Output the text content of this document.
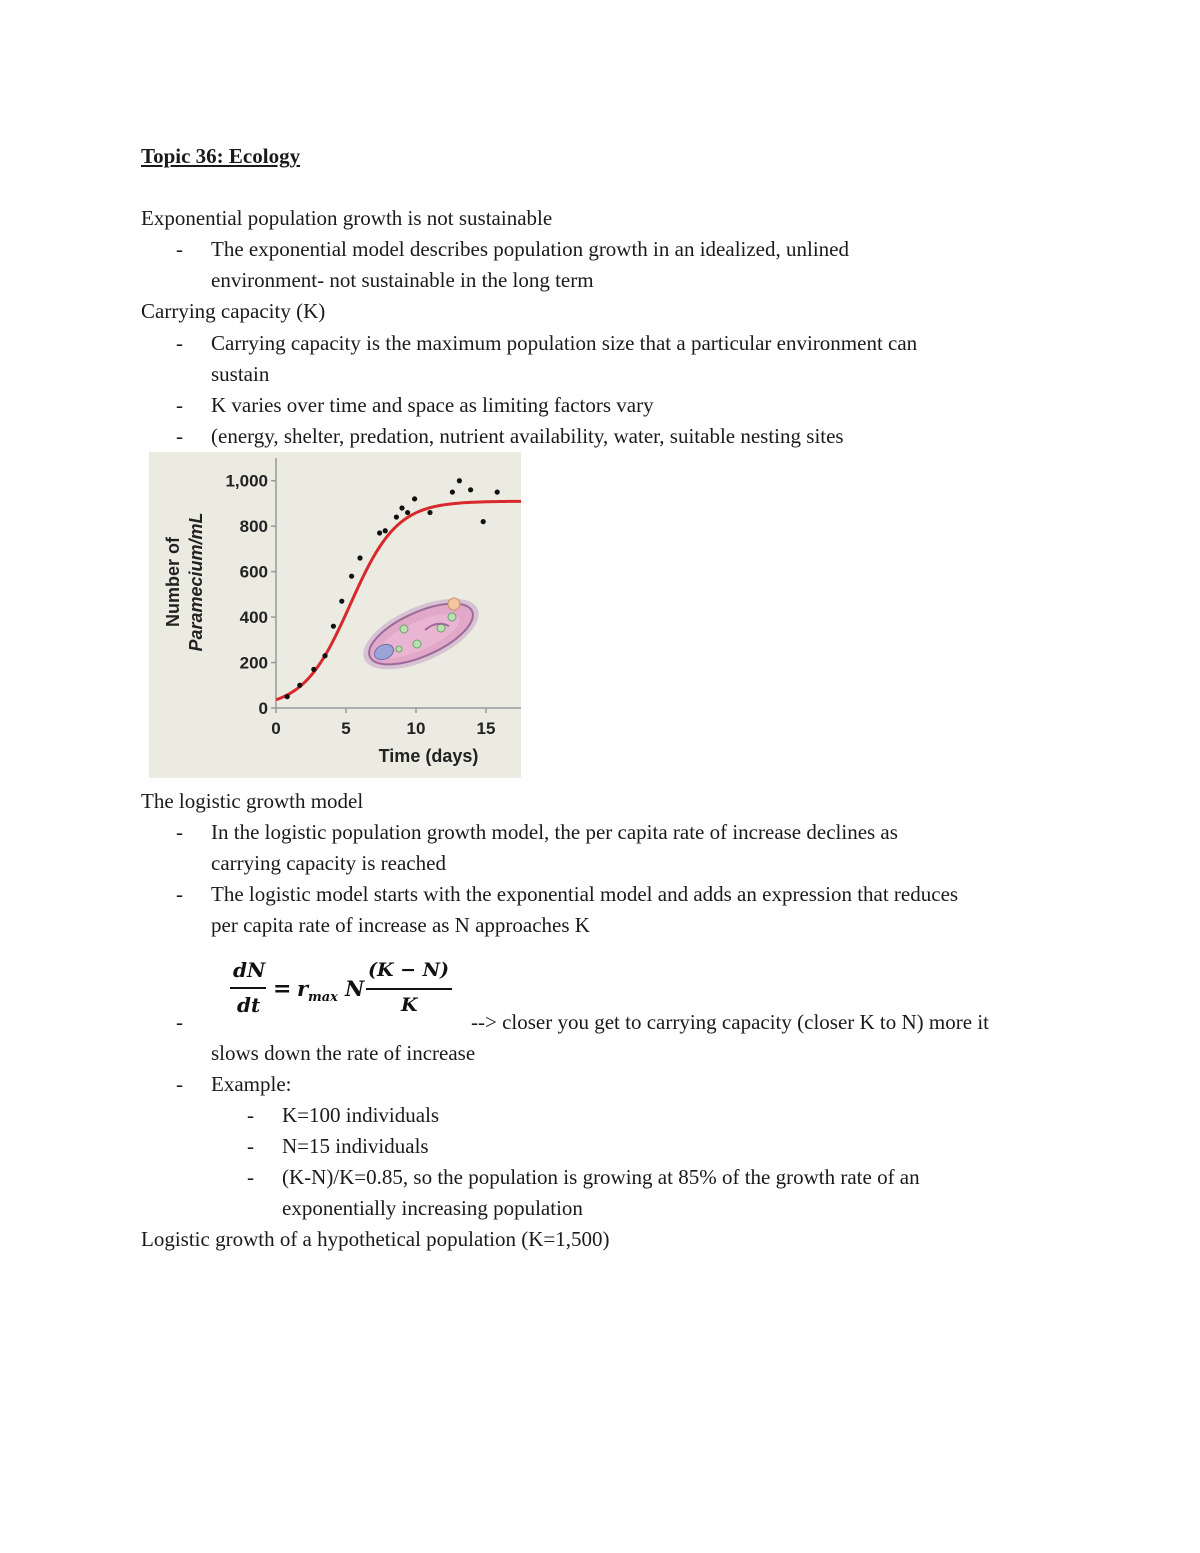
Topic 36: Ecology
Exponential population growth is not sustainable
- The exponential model describes population growth in an idealized, unlined
environment- not sustainable in the long term
Carrying capacity (K)
- Carrying capacity is the maximum population size that a particular environment can
sustain
- K varies over time and space as limiting factors vary
- (energy, shelter, predation, nutrient availability, water, suitable nesting sites
0
200
400
600
800
1,000
0	5	10	15
Time (days)
Number of Paramecium/mL
The logistic growth model
- In the logistic population growth model, the per capita rate of increase declines as
carrying capacity is reached
- The logistic model starts with the exponential model and adds an expression that reduces
per capita rate of increase as N approaches K
dN
dt
= r max N
(K − N)
K
-	--> closer you get to carrying capacity (closer K to N) more it
slows down the rate of increase
- Example:
- K=100 individuals
- N=15 individuals
- (K-N)/K=0.85, so the population is growing at 85% of the growth rate of an
exponentially increasing population
Logistic growth of a hypothetical population (K=1,500)
